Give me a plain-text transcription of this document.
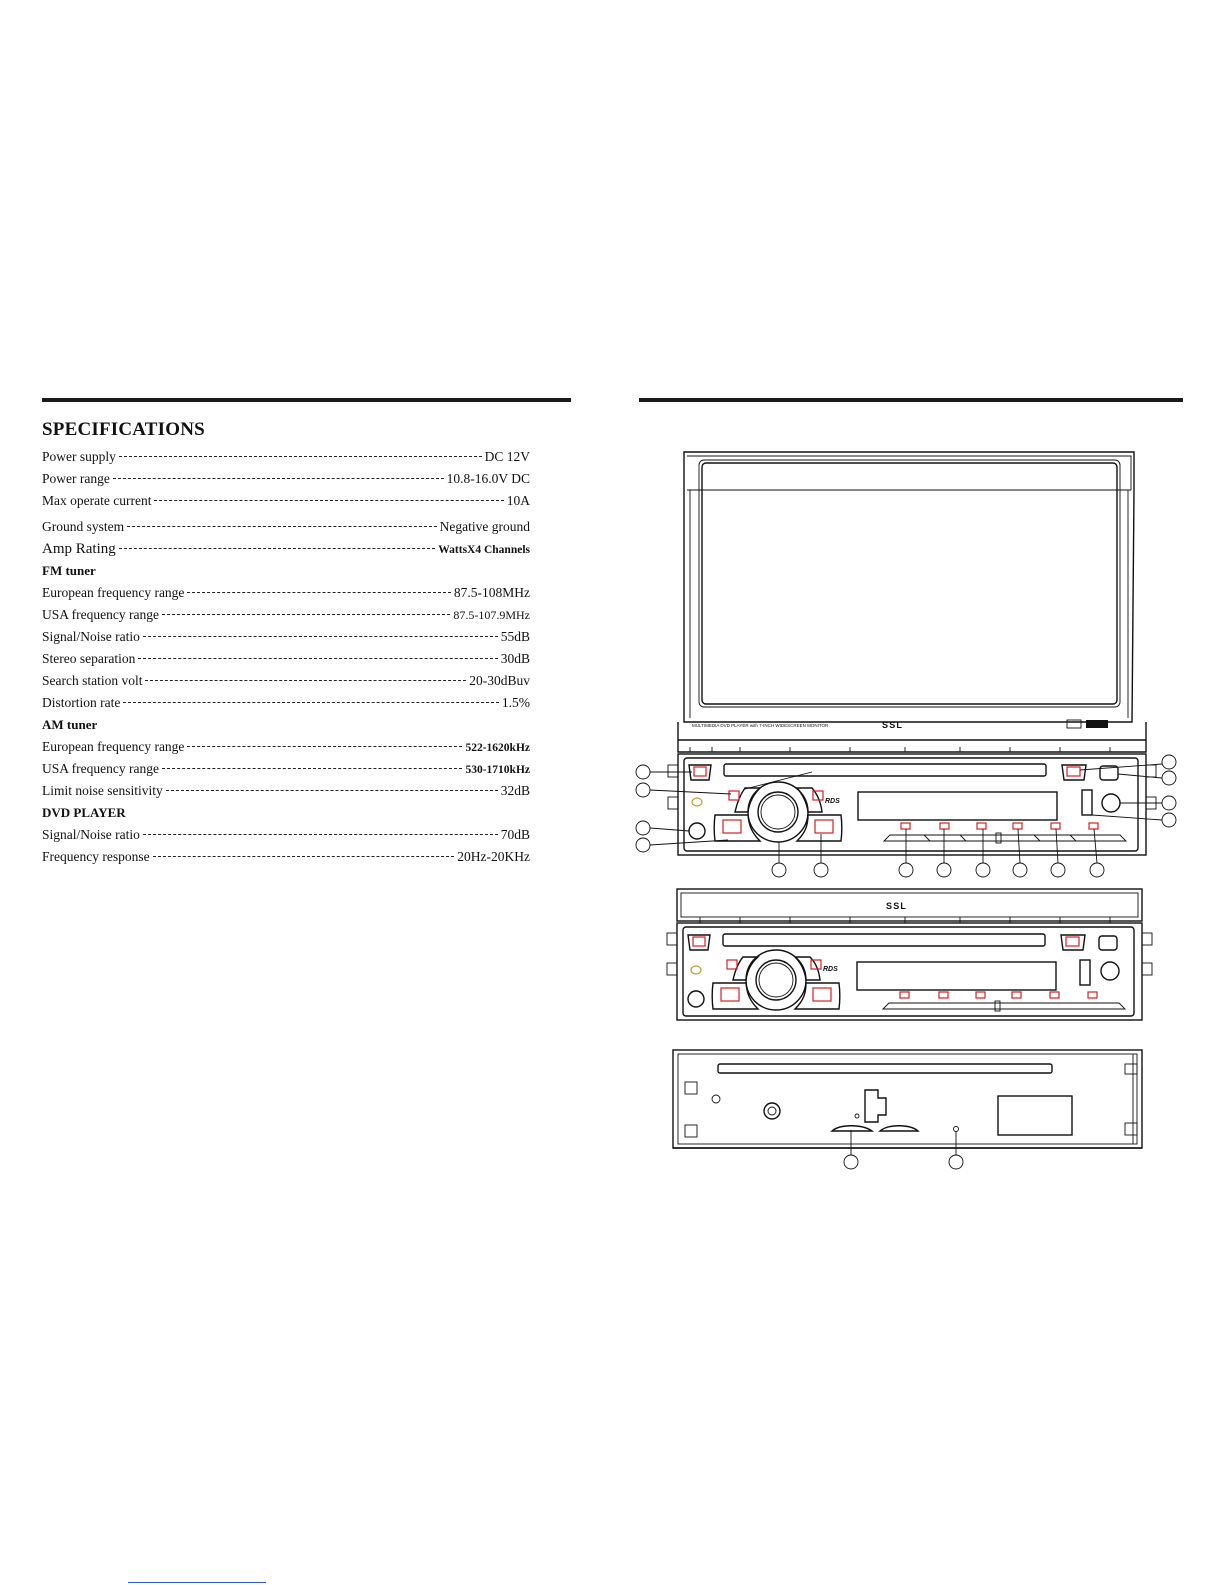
SPECIFICATIONS
Power supply	DC 12V
Power range	10.8-16.0V DC
Max operate current	10A
Ground system	Negative ground
Amp Rating	WattsX4 Channels
FM tuner
European frequency range	87.5-108MHz
USA frequency range	87.5-107.9MHz
Signal/Noise ratio	55dB
Stereo separation	30dB
Search station volt	20-30dBuv
Distortion rate	1.5%
AM tuner
European frequency range	522-1620kHz
USA frequency range	530-1710kHz
Limit noise sensitivity	32dB
DVD PLAYER
Signal/Noise ratio	70dB
Frequency response	20Hz-20KHz
MULTIMEDIA DVD PLAYER with 7-INCH WIDESCREEN MONITOR	SSL
RDS
SSL
RDS
